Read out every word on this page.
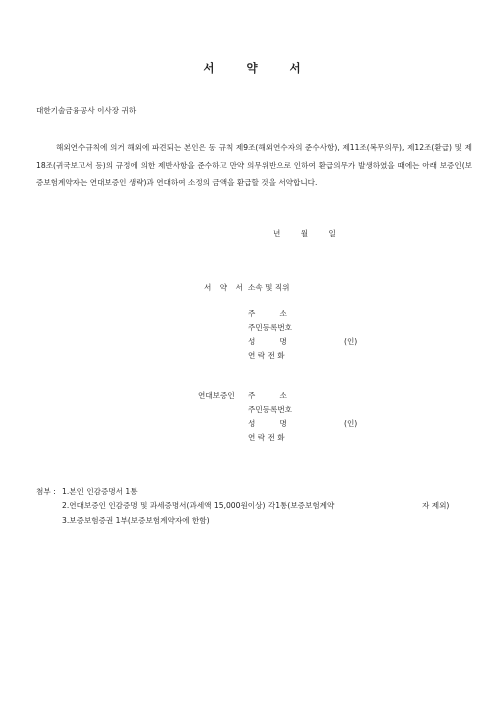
서 약 서
대한기술금융공사 이사장 귀하
해외연수규칙에 의거 해외에 파견되는 본인은 동 규칙 제9조(해외연수자의 준수사항), 제11조(복무의무), 제12조(환급) 및 제18조(귀국보고서 등)의 규정에 의한 제반사항을 준수하고 만약 의무위반으로 인하여 환급의무가 발생하였을 때에는 아래 보증인(보증보험계약자는 연대보증인 생략)과 연대하여 소정의 금액을 환급할 것을 서약합니다.
년	월	일
서 약 서 소속 및 직위
주          소
주민등록번호
성          명	(인)
연 락 전 화
연대보증인 주          소
주민등록번호
성          명	(인)
연 락 전 화
첨부 : 1.본인 인감증명서 1통
2.연대보증인 인감증명 및 과세증명서(과세액 15,000원이상) 각1통(보증보험계약	자 제외)
3.보증보험증권 1부(보증보험계약자에 한함)
